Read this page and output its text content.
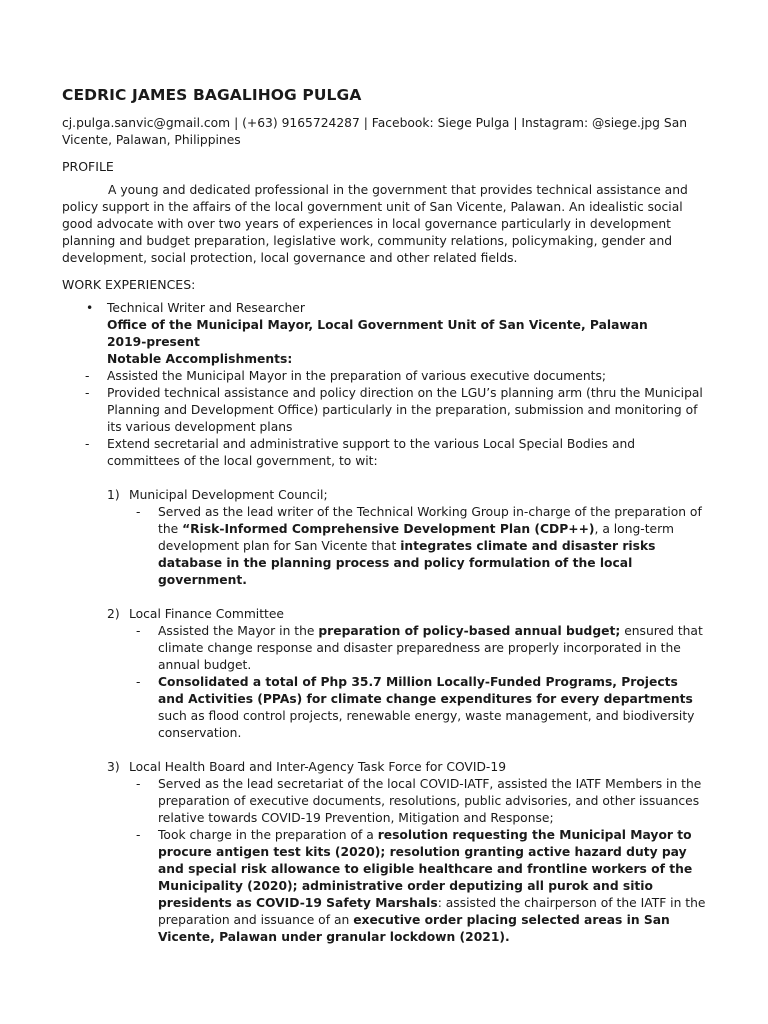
CEDRIC JAMES BAGALIHOG PULGA

cj.pulga.sanvic@gmail.com | (+63) 9165724287 | Facebook: Siege Pulga | Instagram: @siege.jpg San
Vicente, Palawan, Philippines

PROFILE

A young and dedicated professional in the government that provides technical assistance and policy support in the affairs of the local government unit of San Vicente, Palawan. An idealistic social good advocate with over two years of experiences in local governance particularly in development planning and budget preparation, legislative work, community relations, policymaking, gender and development, social protection, local governance and other related fields.

WORK EXPERIENCES:

• Technical Writer and Researcher

Office of the Municipal Mayor, Local Government Unit of San Vicente, Palawan

2019-present

Notable Accomplishments:

- Assisted the Municipal Mayor in the preparation of various executive documents;
- Provided technical assistance and policy direction on the LGU’s planning arm (thru the Municipal Planning and Development Office) particularly in the preparation, submission and monitoring of its various development plans
- Extend secretarial and administrative support to the various Local Special Bodies and committees of the local government, to wit:

1) Municipal Development Council;

- Served as the lead writer of the Technical Working Group in-charge of the preparation of the “Risk-Informed Comprehensive Development Plan (CDP++), a long-term development plan for San Vicente that integrates climate and disaster risks database in the planning process and policy formulation of the local government.

2) Local Finance Committee

- Assisted the Mayor in the preparation of policy-based annual budget; ensured that climate change response and disaster preparedness are properly incorporated in the annual budget.
- Consolidated a total of Php 35.7 Million Locally-Funded Programs, Projects and Activities (PPAs) for climate change expenditures for every departments such as flood control projects, renewable energy, waste management, and biodiversity conservation.

3) Local Health Board and Inter-Agency Task Force for COVID-19

- Served as the lead secretariat of the local COVID-IATF, assisted the IATF Members in the preparation of executive documents, resolutions, public advisories, and other issuances relative towards COVID-19 Prevention, Mitigation and Response;
- Took charge in the preparation of a resolution requesting the Municipal Mayor to procure antigen test kits (2020); resolution granting active hazard duty pay and special risk allowance to eligible healthcare and frontline workers of the Municipality (2020); administrative order deputizing all purok and sitio presidents as COVID-19 Safety Marshals: assisted the chairperson of the IATF in the preparation and issuance of an executive order placing selected areas in San Vicente, Palawan under granular lockdown (2021).
